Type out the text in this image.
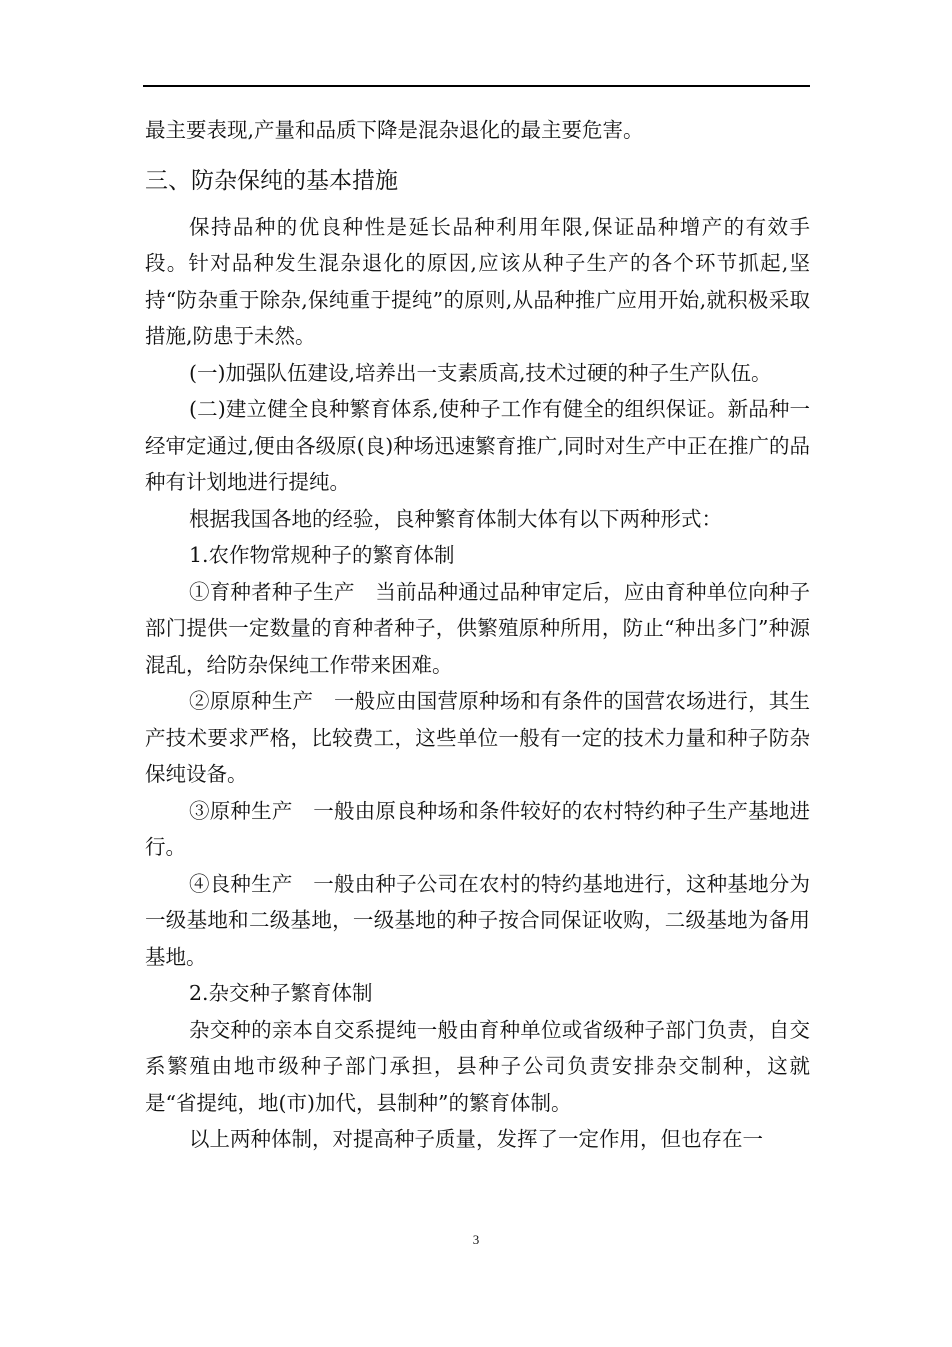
最主要表现,产量和品质下降是混杂退化的最主要危害。

三、防杂保纯的基本措施

保持品种的优良种性是延长品种利用年限,保证品种增产的有效手段。针对品种发生混杂退化的原因,应该从种子生产的各个环节抓起,坚持“防杂重于除杂,保纯重于提纯”的原则,从品种推广应用开始,就积极采取措施,防患于未然。

(一)加强队伍建设,培养出一支素质高,技术过硬的种子生产队伍。

(二)建立健全良种繁育体系,使种子工作有健全的组织保证。新品种一经审定通过,便由各级原(良)种场迅速繁育推广,同时对生产中正在推广的品种有计划地进行提纯。

根据我国各地的经验，良种繁育体制大体有以下两种形式：

1.农作物常规种子的繁育体制

①育种者种子生产　当前品种通过品种审定后，应由育种单位向种子部门提供一定数量的育种者种子，供繁殖原种所用，防止“种出多门”种源混乱，给防杂保纯工作带来困难。

②原原种生产　一般应由国营原种场和有条件的国营农场进行，其生产技术要求严格，比较费工，这些单位一般有一定的技术力量和种子防杂保纯设备。

③原种生产　一般由原良种场和条件较好的农村特约种子生产基地进行。

④良种生产　一般由种子公司在农村的特约基地进行，这种基地分为一级基地和二级基地，一级基地的种子按合同保证收购，二级基地为备用基地。

2.杂交种子繁育体制

杂交种的亲本自交系提纯一般由育种单位或省级种子部门负责，自交系繁殖由地市级种子部门承担，县种子公司负责安排杂交制种，这就是“省提纯，地(市)加代，县制种”的繁育体制。

以上两种体制，对提高种子质量，发挥了一定作用，但也存在一

3
